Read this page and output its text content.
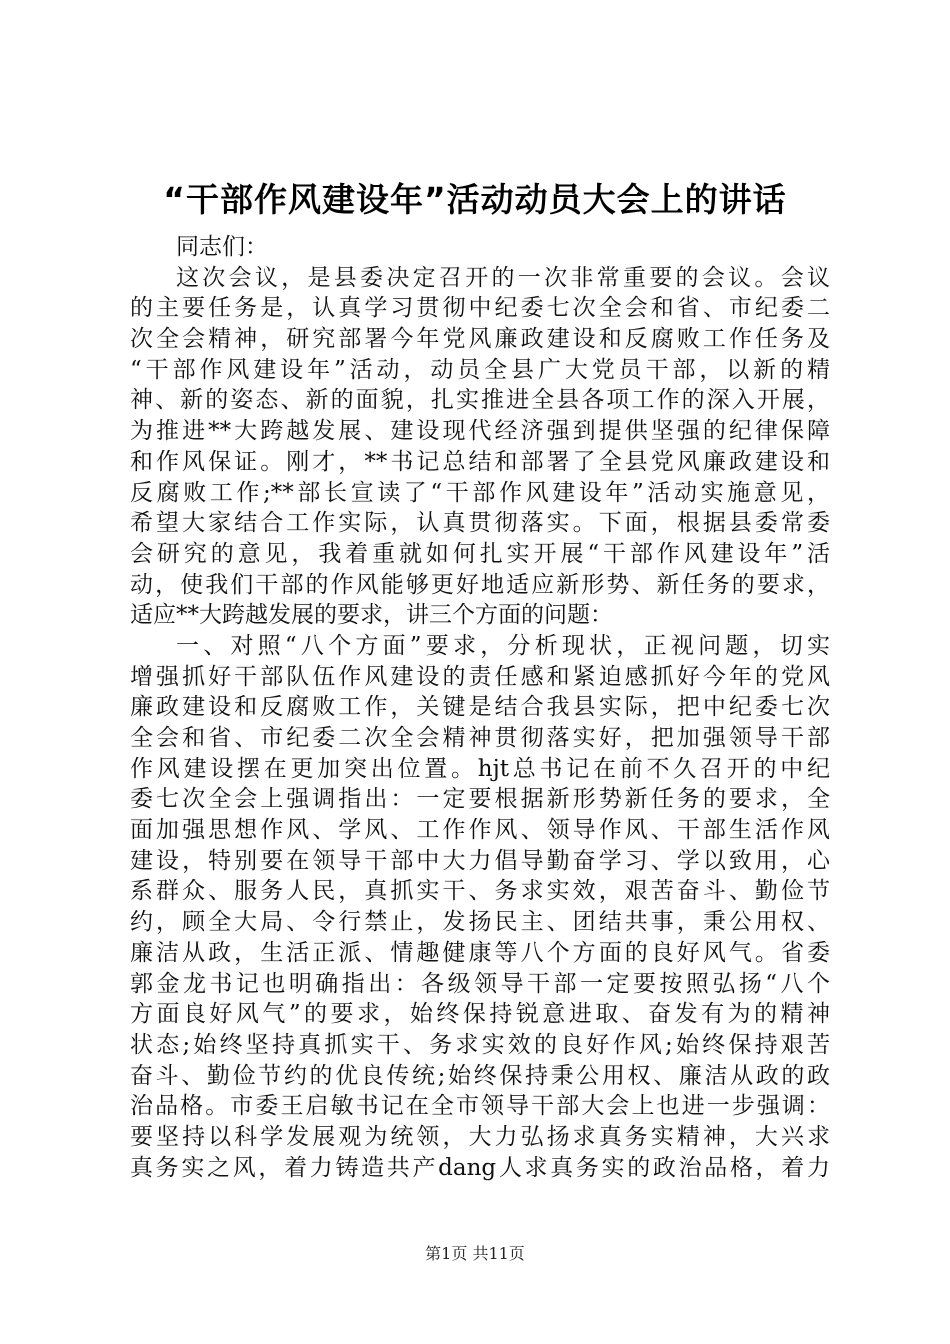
“干部作风建设年”活动动员大会上的讲话
同志们：
这次会议，是县委决定召开的一次非常重要的会议。会议
的主要任务是，认真学习贯彻中纪委七次全会和省、市纪委二
次全会精神，研究部署今年党风廉政建设和反腐败工作任务及
“干部作风建设年”活动，动员全县广大党员干部，以新的精
神、新的姿态、新的面貌，扎实推进全县各项工作的深入开展，
为推进**大跨越发展、建设现代经济强到提供坚强的纪律保障
和作风保证。刚才，**书记总结和部署了全县党风廉政建设和
反腐败工作;**部长宣读了“干部作风建设年”活动实施意见，
希望大家结合工作实际，认真贯彻落实。下面，根据县委常委
会研究的意见，我着重就如何扎实开展“干部作风建设年”活
动，使我们干部的作风能够更好地适应新形势、新任务的要求，
适应**大跨越发展的要求，讲三个方面的问题：
一、对照“八个方面”要求，分析现状，正视问题，切实
增强抓好干部队伍作风建设的责任感和紧迫感抓好今年的党风
廉政建设和反腐败工作，关键是结合我县实际，把中纪委七次
全会和省、市纪委二次全会精神贯彻落实好，把加强领导干部
作风建设摆在更加突出位置。hjt总书记在前不久召开的中纪
委七次全会上强调指出：一定要根据新形势新任务的要求，全
面加强思想作风、学风、工作作风、领导作风、干部生活作风
建设，特别要在领导干部中大力倡导勤奋学习、学以致用，心
系群众、服务人民，真抓实干、务求实效，艰苦奋斗、勤俭节
约，顾全大局、令行禁止，发扬民主、团结共事，秉公用权、
廉洁从政，生活正派、情趣健康等八个方面的良好风气。省委
郭金龙书记也明确指出：各级领导干部一定要按照弘扬“八个
方面良好风气”的要求，始终保持锐意进取、奋发有为的精神
状态;始终坚持真抓实干、务求实效的良好作风;始终保持艰苦
奋斗、勤俭节约的优良传统;始终保持秉公用权、廉洁从政的政
治品格。市委王启敏书记在全市领导干部大会上也进一步强调：
要坚持以科学发展观为统领，大力弘扬求真务实精神，大兴求
真务实之风，着力铸造共产dang人求真务实的政治品格，着力
第1页 共11页
